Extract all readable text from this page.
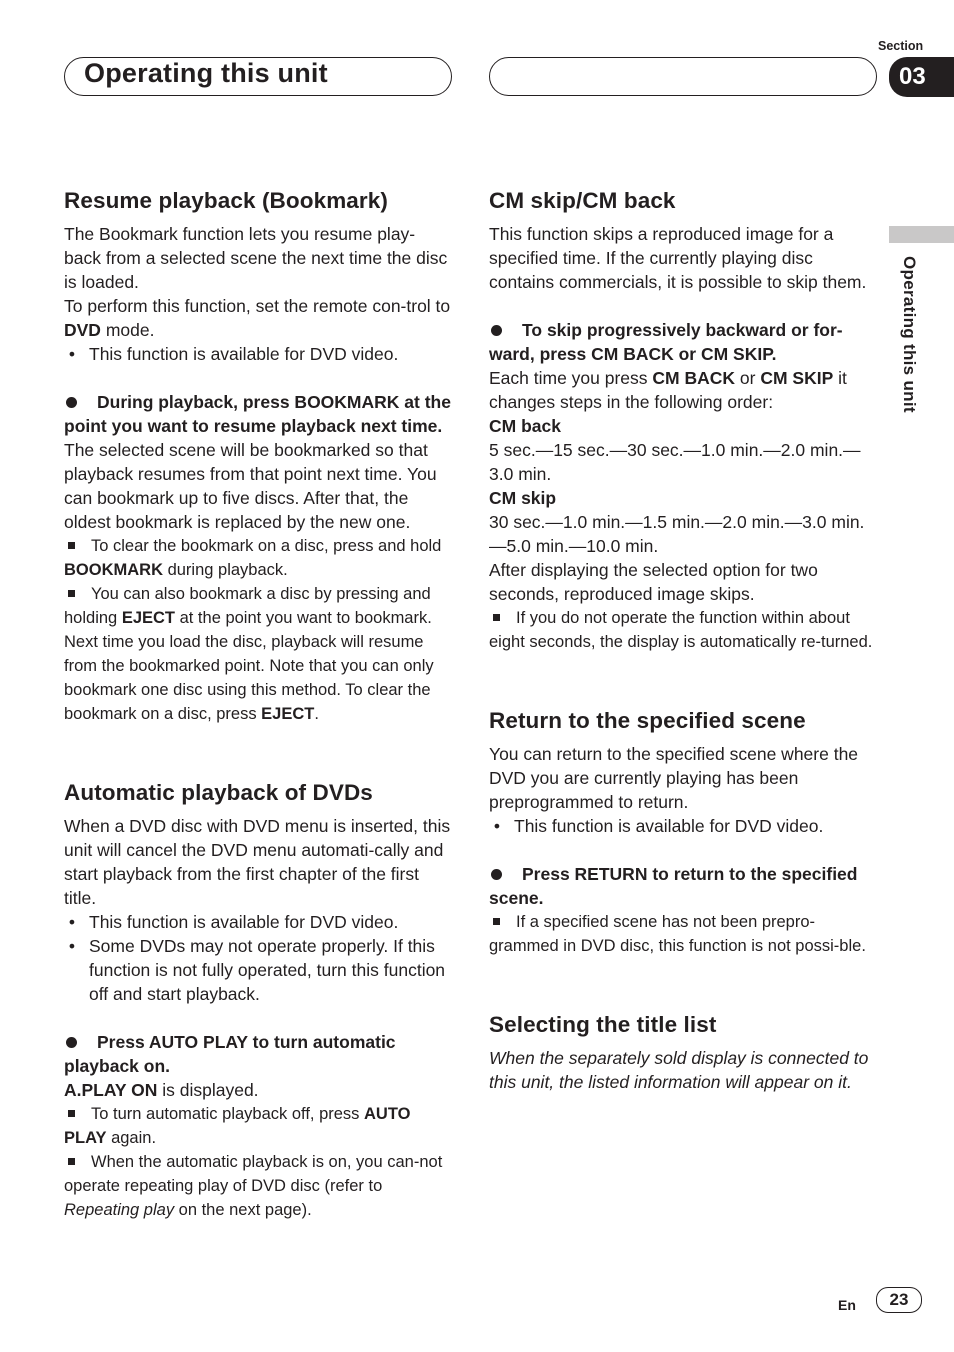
Operating this unit
Section
03
Operating this unit
Resume playback (Bookmark)

The Bookmark function lets you resume play-back from a selected scene the next time the disc is loaded.

To perform this function, set the remote con-trol to DVD mode.

• This function is available for DVD video.

During playback, press BOOKMARK at the point you want to resume playback next time.

The selected scene will be bookmarked so that playback resumes from that point next time. You can bookmark up to five discs. After that, the oldest bookmark is replaced by the new one.

To clear the bookmark on a disc, press and hold BOOKMARK during playback.

You can also bookmark a disc by pressing and holding EJECT at the point you want to bookmark. Next time you load the disc, playback will resume from the bookmarked point. Note that you can only bookmark one disc using this method. To clear the bookmark on a disc, press EJECT.

Automatic playback of DVDs

When a DVD disc with DVD menu is inserted, this unit will cancel the DVD menu automati-cally and start playback from the first chapter of the first title.

• This function is available for DVD video.

• Some DVDs may not operate properly. If this function is not fully operated, turn this function off and start playback.

Press AUTO PLAY to turn automatic playback on.

A.PLAY ON is displayed.

To turn automatic playback off, press AUTO PLAY again.

When the automatic playback is on, you can-not operate repeating play of DVD disc (refer to Repeating play on the next page).

CM skip/CM back

This function skips a reproduced image for a specified time. If the currently playing disc contains commercials, it is possible to skip them.

To skip progressively backward or for-ward, press CM BACK or CM SKIP.

Each time you press CM BACK or CM SKIP it changes steps in the following order:

CM back

5 sec.—15 sec.—30 sec.—1.0 min.—2.0 min.—3.0 min.

CM skip

30 sec.—1.0 min.—1.5 min.—2.0 min.—3.0 min.—5.0 min.—10.0 min.

After displaying the selected option for two seconds, reproduced image skips.

If you do not operate the function within about eight seconds, the display is automatically re-turned.

Return to the specified scene

You can return to the specified scene where the DVD you are currently playing has been preprogrammed to return.

• This function is available for DVD video.

Press RETURN to return to the specified scene.

If a specified scene has not been prepro-grammed in DVD disc, this function is not possi-ble.

Selecting the title list

When the separately sold display is connected to this unit, the listed information will appear on it.

En	23
